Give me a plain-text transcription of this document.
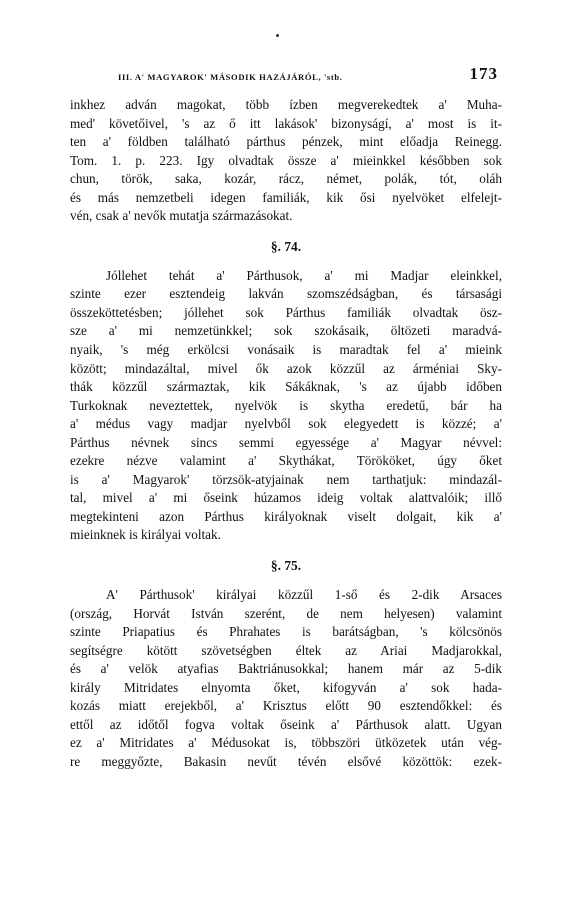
III. A' MAGYAROK' MÁSODIK HAZÁJÁRÓL, 'stb.	173
inkhez adván magokat, több ízben megverekedtek a' Muha-
med' követőivel, 's az ő itt lakások' bizonyságí, a' most is it-
ten a' földben található párthus pénzek, mint előadja Reinegg.
Tom. 1. p. 223. Igy olvadtak össze a' mieinkkel későbben sok
chun, török, saka, kozár, rácz, német, polák, tót, oláh
és más nemzetbeli idegen familiák, kik ősi nyelvöket elfelejt-
vén, csak a' nevők mutatja származásokat.
§. 74.
Jóllehet tehát a' Párthusok, a' mi Madjar eleinkkel,
szinte ezer esztendeig lakván szomszédságban, és társasági
összeköttetésben; jóllehet sok Párthus familiák olvadtak ösz-
sze a' mi nemzetünkkel; sok szokásaik, öltözeti maradvá-
nyaik, 's még erkölcsi vonásaik is maradtak fel a' mieink
között; mindazáltal, mivel ők azok közzűl az árméniai Sky-
thák közzűl származtak, kik Sákáknak, 's az újabb időben
Turkoknak neveztettek, nyelvök is skytha eredetű, bár ha
a' médus vagy madjar nyelvből sok elegyedett is közzé; a'
Párthus névnek sincs semmi egyessége a' Magyar névvel:
ezekre nézve valamint a' Skythákat, Törököket, úgy őket
is a' Magyarok' törzsök-atyjainak nem tarthatjuk: mindazál-
tal, mivel a' mi őseink húzamos ideig voltak alattvalóik; illő
megtekinteni azon Párthus királyoknak viselt dolgait, kik a'
mieinknek is királyai voltak.
§. 75.
A' Párthusok' királyai közzűl 1-ső és 2-dik Arsaces
(ország, Horvát István szerént, de nem helyesen) valamint
szinte Priapatius és Phrahates is barátságban, 's kölcsönös
segítségre kötött szövetségben éltek az Ariai Madjarokkal,
és a' velök atyafias Baktriánusokkal; hanem már az 5-dik
király Mitridates elnyomta őket, kifogyván a' sok hada-
kozás miatt erejekből, a' Krisztus előtt 90 esztendőkkel: és
ettől az időtől fogva voltak őseink a' Párthusok alatt. Ugyan
ez a' Mitridates a' Médusokat is, többszöri ütközetek után vég-
re meggyőzte, Bakasin nevűt tévén elsővé közöttök: ezek-
